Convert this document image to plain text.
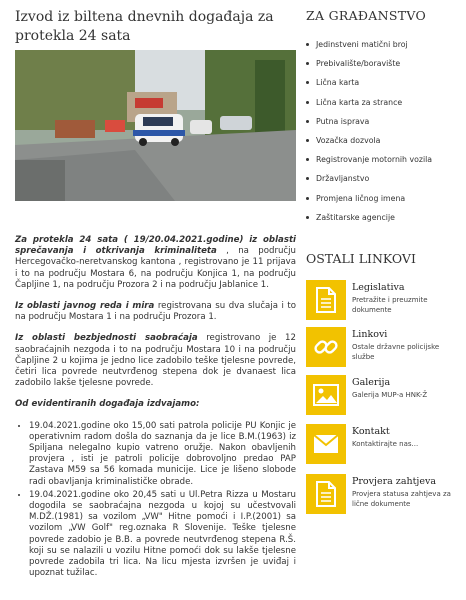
Izvod iz biltena dnevnih događaja za protekla 24 sata

Za protekla 24 sata ( 19/20.04.2021.godine) iz oblasti sprečavanja i otkrivanja kriminaliteta , na području Hercegovačko-neretvanskog kantona , registrovano je 11 prijava i to na području Mostara 6, na području Konjica 1, na području Čapljine 1, na području Prozora 2 i na području Jablanice 1.

Iz oblasti javnog reda i mira registrovana su dva slučaja i to na području Mostara 1 i na području Prozora 1.

Iz oblasti bezbjednosti saobraćaja registrovano je 12 saobraćajnih nezgoda i to na području Mostara 10 i na području Čapljine 2 u kojima je jedno lice zadobilo teške tjelesne povrede, četiri lica povrede neutvrđenog stepena dok je dvanaest lica zadobilo lakše tjelesne povrede.

Od evidentiranih događaja izdvajamo:

• 19.04.2021.godine oko 15,00 sati patrola policije PU Konjic je operativnim radom došla do saznanja da je lice B.M.(1963) iz Spiljana nelegalno kupio vatreno oružje. Nakon obavljenih provjera , isti je patroli policije dobrovoljno predao PAP Zastava M59 sa 56 komada municije. Lice je lišeno slobode radi obavljanja kriminalističke obrade.
• 19.04.2021.godine oko 20,45 sati u Ul.Petra Rizza u Mostaru dogodila se saobraćajna nezgoda u kojoj su učestvovali M.DŽ.(1981) sa vozilom „VW" Hitne pomoći i I.P.(2001) sa vozilom „VW Golf" reg.oznaka R Slovenije. Teške tjelesne povrede zadobio je B.B. a povrede neutvrđenog stepena R.Š. koji su se nalazili u vozilu Hitne pomoći dok su lakše tjelesne povrede zadobila tri lica. Na licu mjesta izvršen je uviđaj i upoznat tužilac.
ZA GRAĐANSTVO
Jedinstveni matični broj
Prebivalište/boravište
Lična karta
Lična karta za strance
Putna isprava
Vozačka dozvola
Registrovanje motornih vozila
Državljanstvo
Promjena ličnog imena
Zaštitarske agencije
OSTALI LINKOVI
Legislativa
Pretražite i preuzmite dokumente
Linkovi
Ostale državne policijske službe
Galerija
Galerija MUP-a HNK-Ž
Kontakt
Kontaktirajte nas...
Provjera zahtjeva
Provjera statusa zahtjeva za lične dokumente
